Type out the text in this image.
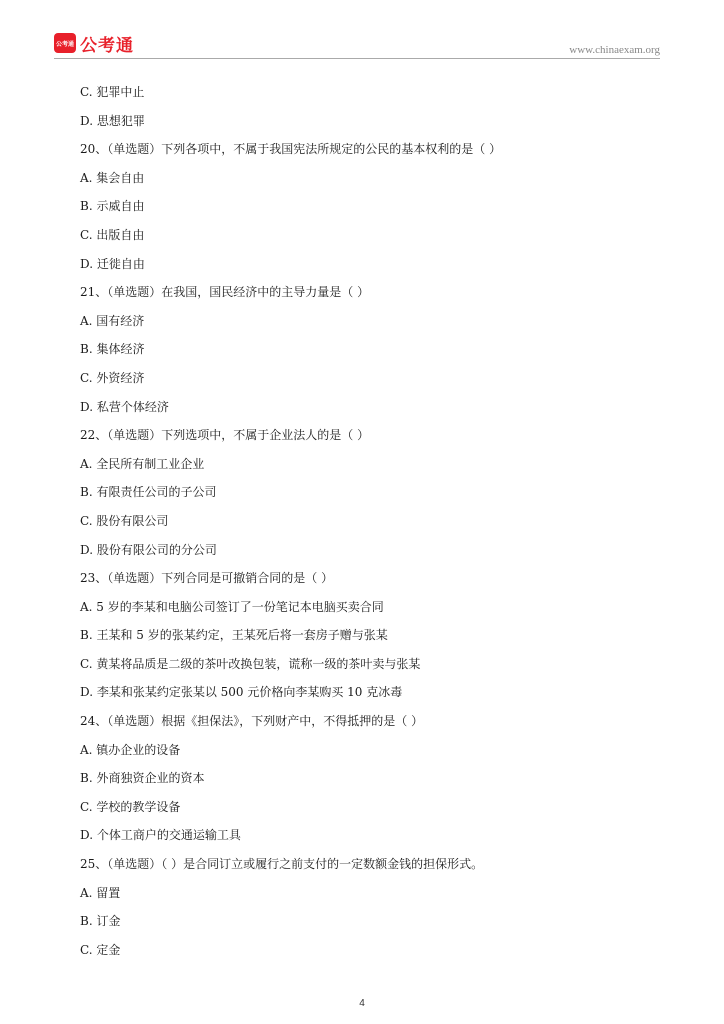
公考通 公考通	www.chinaexam.org
C. 犯罪中止
D. 思想犯罪
20、（单选题）下列各项中，不属于我国宪法所规定的公民的基本权利的是（ ）
A. 集会自由
B. 示威自由
C. 出版自由
D. 迁徙自由
21、（单选题）在我国，国民经济中的主导力量是（ ）
A. 国有经济
B. 集体经济
C. 外资经济
D. 私营个体经济
22、（单选题）下列选项中，不属于企业法人的是（ ）
A. 全民所有制工业企业
B. 有限责任公司的子公司
C. 股份有限公司
D. 股份有限公司的分公司
23、（单选题）下列合同是可撤销合同的是（ ）
A. 5 岁的李某和电脑公司签订了一份笔记本电脑买卖合同
B. 王某和 5 岁的张某约定，王某死后将一套房子赠与张某
C. 黄某将品质是二级的茶叶改换包装，谎称一级的茶叶卖与张某
D. 李某和张某约定张某以 500 元价格向李某购买 10 克冰毒
24、（单选题）根据《担保法》，下列财产中，不得抵押的是（ ）
A. 镇办企业的设备
B. 外商独资企业的资本
C. 学校的教学设备
D. 个体工商户的交通运输工具
25、（单选题）（ ）是合同订立或履行之前支付的一定数额金钱的担保形式。
A. 留置
B. 订金
C. 定金
4
